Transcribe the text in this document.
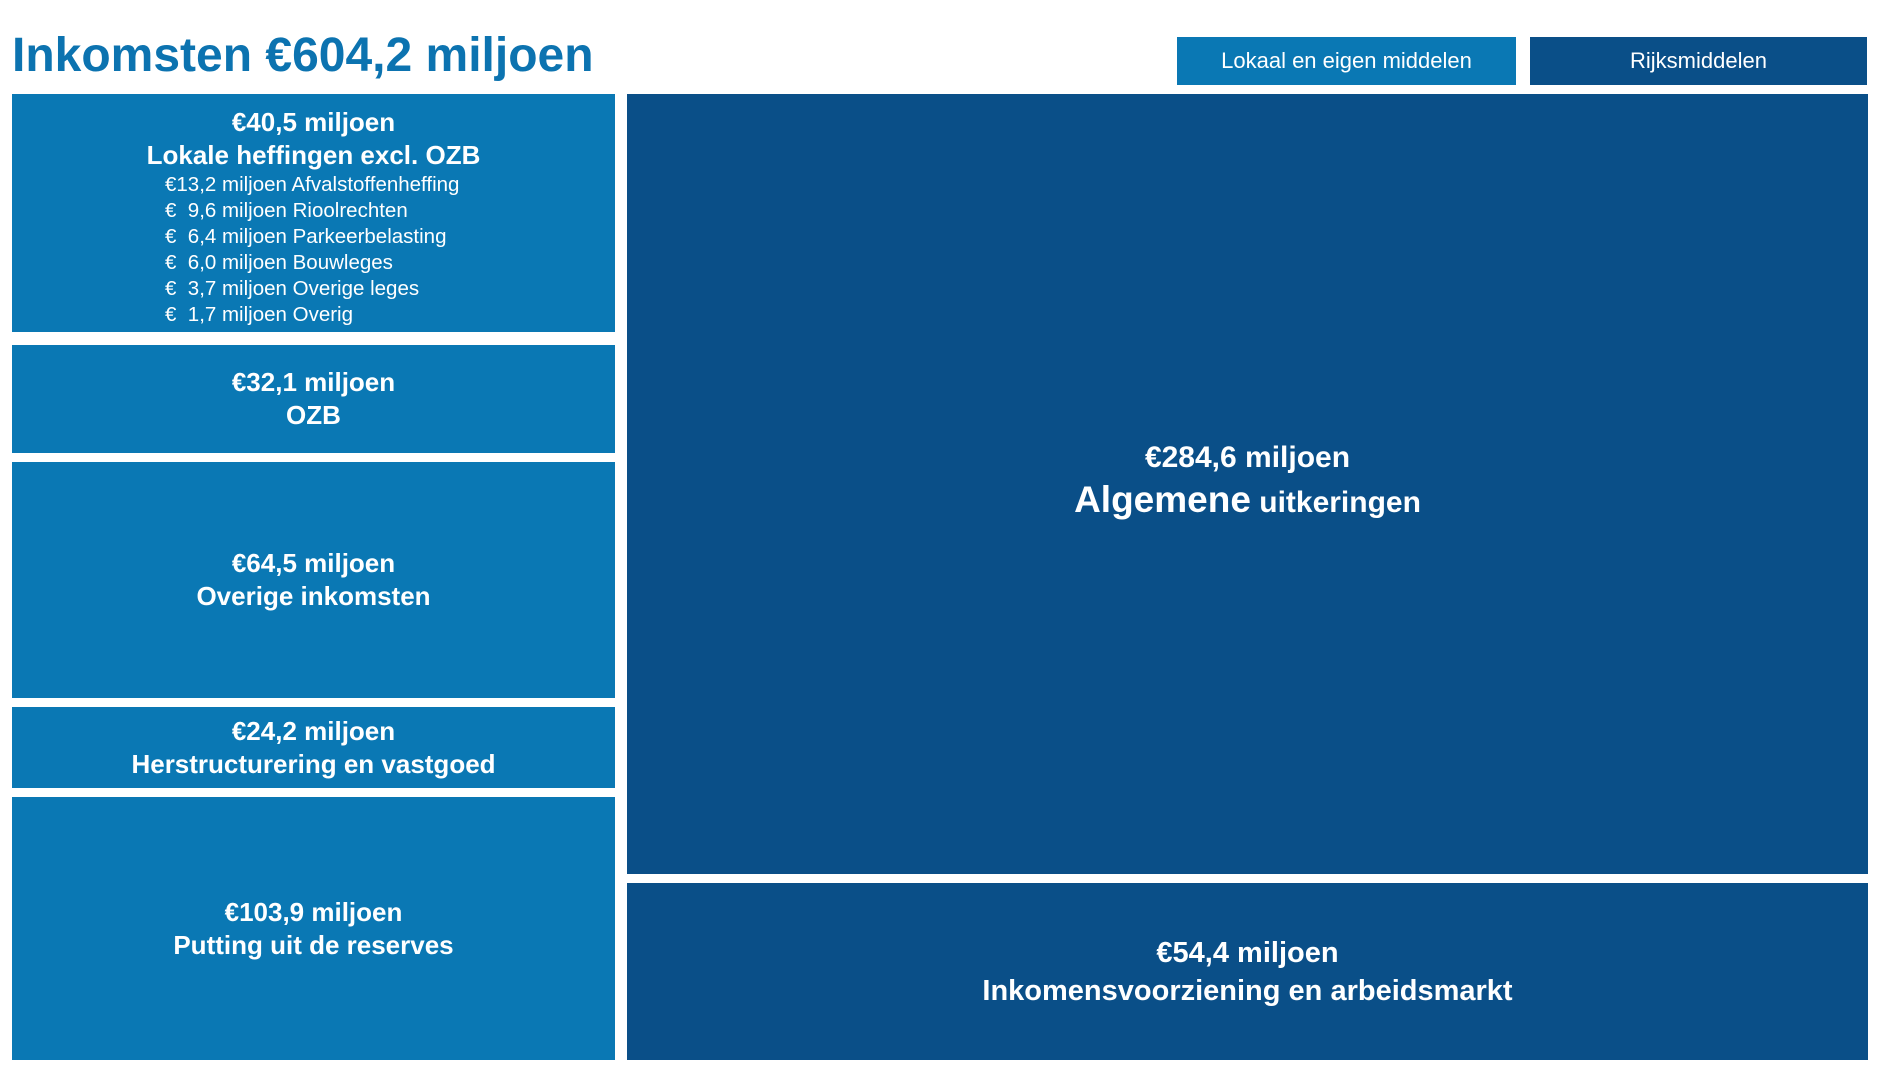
Inkomsten €604,2 miljoen	Lokaal en eigen middelen	Rijksmiddelen
€40,5 miljoen
Lokale heffingen excl. OZB
€13,2 miljoen Afvalstoffenheffing
€  9,6 miljoen Rioolrechten
€  6,4 miljoen Parkeerbelasting
€  6,0 miljoen Bouwleges
€  3,7 miljoen Overige leges
€  1,7 miljoen Overig
€32,1 miljoen
OZB
€64,5 miljoen
Overige inkomsten
€24,2 miljoen
Herstructurering en vastgoed
€103,9 miljoen
Putting uit de reserves
€284,6 miljoen
Algemene uitkeringen
€54,4 miljoen
Inkomensvoorziening en arbeidsmarkt
